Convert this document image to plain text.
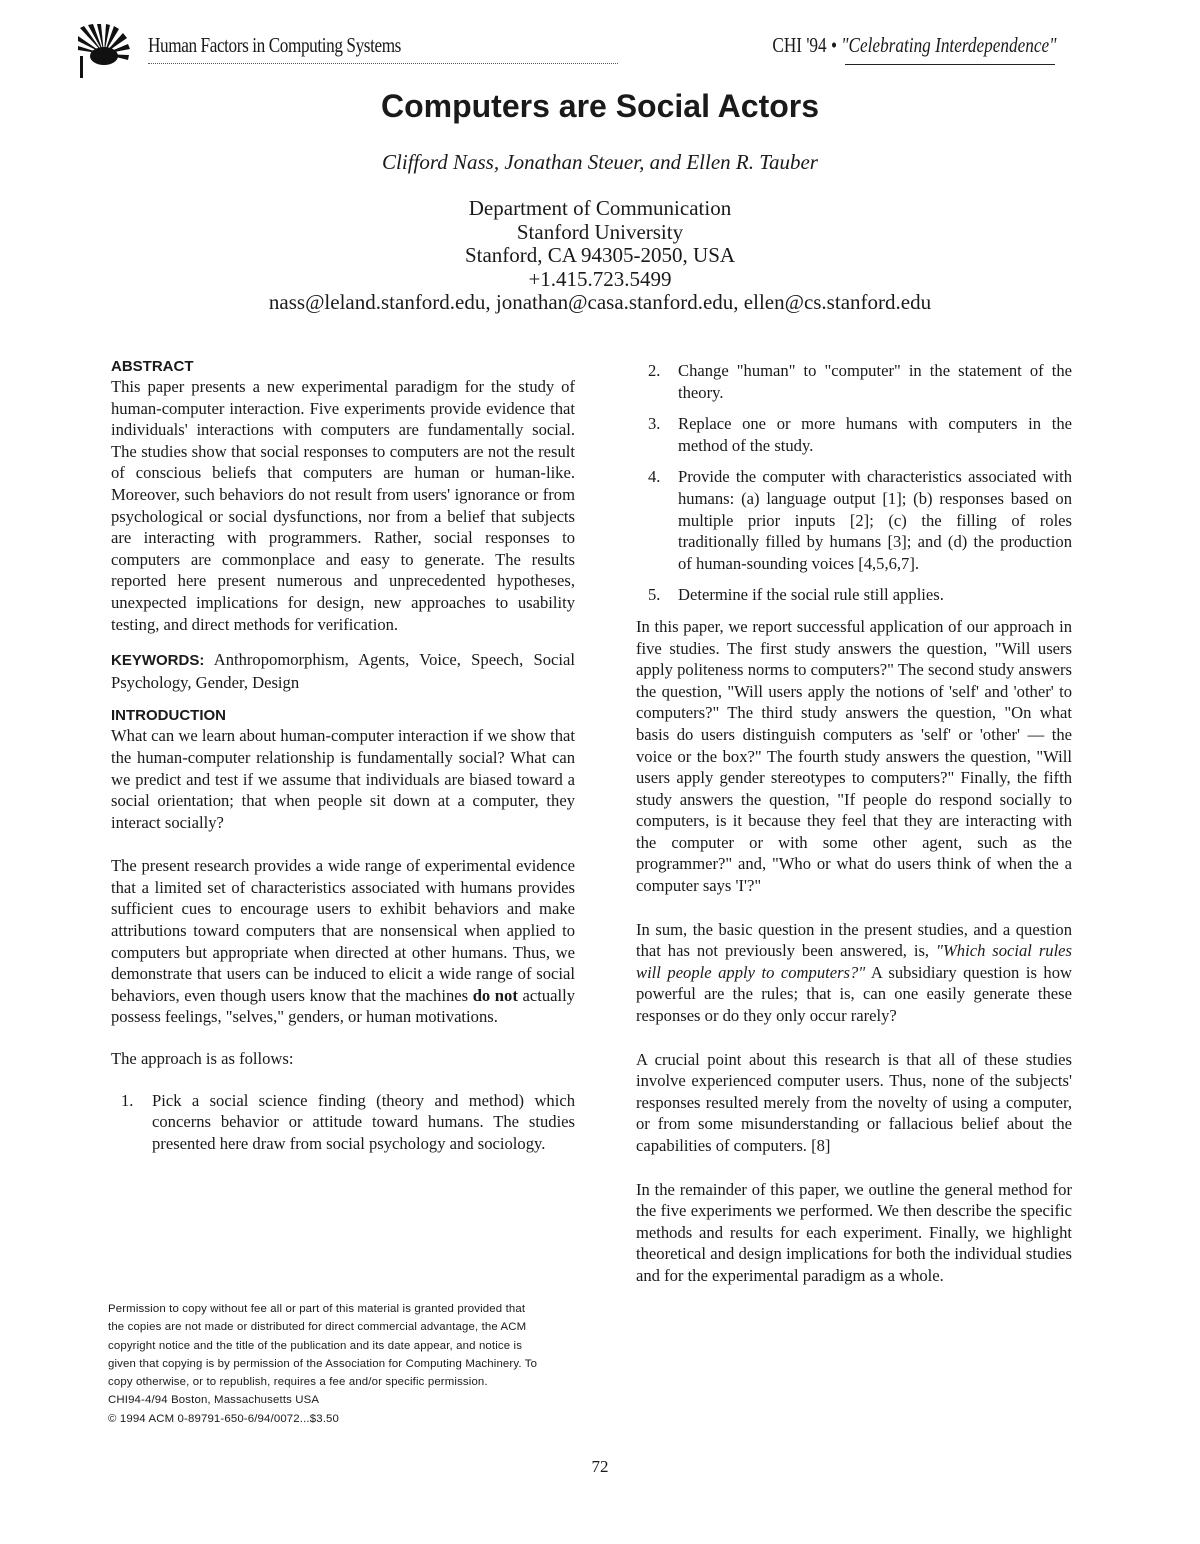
Human Factors in Computing Systems	CHI '94 • "Celebrating Interdependence"
Computers are Social Actors
Clifford Nass, Jonathan Steuer, and Ellen R. Tauber
Department of Communication
Stanford University
Stanford, CA 94305-2050, USA
+1.415.723.5499
nass@leland.stanford.edu, jonathan@casa.stanford.edu, ellen@cs.stanford.edu
ABSTRACT

This paper presents a new experimental paradigm for the study of human-computer interaction. Five experiments provide evidence that individuals' interactions with computers are fundamentally social. The studies show that social responses to computers are not the result of conscious beliefs that computers are human or human-like. Moreover, such behaviors do not result from users' ignorance or from psychological or social dysfunctions, nor from a belief that subjects are interacting with programmers. Rather, social responses to computers are commonplace and easy to generate. The results reported here present numerous and unprecedented hypotheses, unexpected implications for design, new approaches to usability testing, and direct methods for verification.

KEYWORDS: Anthropomorphism, Agents, Voice, Speech, Social Psychology, Gender, Design

INTRODUCTION

What can we learn about human-computer interaction if we show that the human-computer relationship is fundamentally social? What can we predict and test if we assume that individuals are biased toward a social orientation; that when people sit down at a computer, they interact socially?

The present research provides a wide range of experimental evidence that a limited set of characteristics associated with humans provides sufficient cues to encourage users to exhibit behaviors and make attributions toward computers that are nonsensical when applied to computers but appropriate when directed at other humans. Thus, we demonstrate that users can be induced to elicit a wide range of social behaviors, even though users know that the machines do not actually possess feelings, "selves," genders, or human motivations.

The approach is as follows:

1. Pick a social science finding (theory and method) which concerns behavior or attitude toward humans. The studies presented here draw from social psychology and sociology.
2. Change "human" to "computer" in the statement of the theory.
3. Replace one or more humans with computers in the method of the study.
4. Provide the computer with characteristics associated with humans: (a) language output [1]; (b) responses based on multiple prior inputs [2]; (c) the filling of roles traditionally filled by humans [3]; and (d) the production of human-sounding voices [4,5,6,7].
5. Determine if the social rule still applies.

In this paper, we report successful application of our approach in five studies. The first study answers the question, "Will users apply politeness norms to computers?" The second study answers the question, "Will users apply the notions of 'self' and 'other' to computers?" The third study answers the question, "On what basis do users distinguish computers as 'self' or 'other' — the voice or the box?" The fourth study answers the question, "Will users apply gender stereotypes to computers?" Finally, the fifth study answers the question, "If people do respond socially to computers, is it because they feel that they are interacting with the computer or with some other agent, such as the programmer?" and, "Who or what do users think of when the a computer says 'I'?"

In sum, the basic question in the present studies, and a question that has not previously been answered, is, "Which social rules will people apply to computers?" A subsidiary question is how powerful are the rules; that is, can one easily generate these responses or do they only occur rarely?

A crucial point about this research is that all of these studies involve experienced computer users. Thus, none of the subjects' responses resulted merely from the novelty of using a computer, or from some misunderstanding or fallacious belief about the capabilities of computers. [8]

In the remainder of this paper, we outline the general method for the five experiments we performed. We then describe the specific methods and results for each experiment. Finally, we highlight theoretical and design implications for both the individual studies and for the experimental paradigm as a whole.

Permission to copy without fee all or part of this material is granted provided that the copies are not made or distributed for direct commercial advantage, the ACM copyright notice and the title of the publication and its date appear, and notice is given that copying is by permission of the Association for Computing Machinery. To copy otherwise, or to republish, requires a fee and/or specific permission.
CHI94-4/94 Boston, Massachusetts USA
© 1994 ACM 0-89791-650-6/94/0072...$3.50
72
